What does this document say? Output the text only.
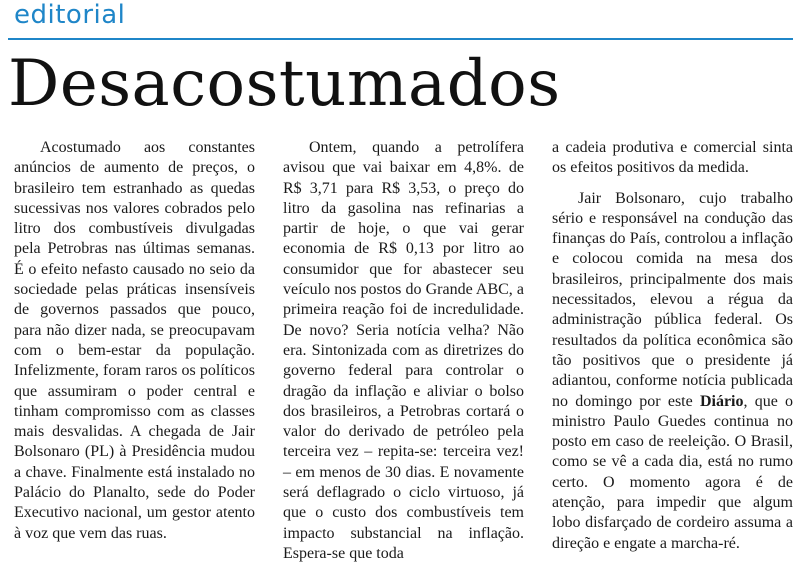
editorial
Desacostumados

Acostumado aos constantes anúncios de aumento de preços, o brasileiro tem estranhado as quedas sucessivas nos valores cobrados pelo litro dos combustíveis divulgadas pela Petrobras nas últimas semanas. É o efeito nefasto causado no seio da sociedade pelas práticas insensíveis de governos passados que pouco, para não dizer nada, se preocupavam com o bem-estar da população. Infelizmente, foram raros os políticos que assumiram o poder central e tinham compromisso com as classes mais desvalidas. A chegada de Jair Bolsonaro (PL) à Presidência mudou a chave. Finalmente está instalado no Palácio do Planalto, sede do Poder Executivo nacional, um gestor atento à voz que vem das ruas.

Ontem, quando a petrolífera avisou que vai baixar em 4,8%. de R$ 3,71 para R$ 3,53, o preço do litro da gasolina nas refinarias a partir de hoje, o que vai gerar economia de R$ 0,13 por litro ao consumidor que for abastecer seu veículo nos postos do Grande ABC, a primeira reação foi de incredulidade. De novo? Seria notícia velha? Não era. Sintonizada com as diretrizes do governo federal para controlar o dragão da inflação e aliviar o bolso dos brasileiros, a Petrobras cortará o valor do derivado de petróleo pela terceira vez – repita-se: terceira vez! – em menos de 30 dias. E novamente será deflagrado o ciclo virtuoso, já que o custo dos combustíveis tem impacto substancial na inflação. Espera-se que toda

a cadeia produtiva e comercial sinta os efeitos positivos da medida.

Jair Bolsonaro, cujo trabalho sério e responsável na condução das finanças do País, controlou a inflação e colocou comida na mesa dos brasileiros, principalmente dos mais necessitados, elevou a régua da administração pública federal. Os resultados da política econômica são tão positivos que o presidente já adiantou, conforme notícia publicada no domingo por este Diário, que o ministro Paulo Guedes continua no posto em caso de reeleição. O Brasil, como se vê a cada dia, está no rumo certo. O momento agora é de atenção, para impedir que algum lobo disfarçado de cordeiro assuma a direção e engate a marcha-ré.
